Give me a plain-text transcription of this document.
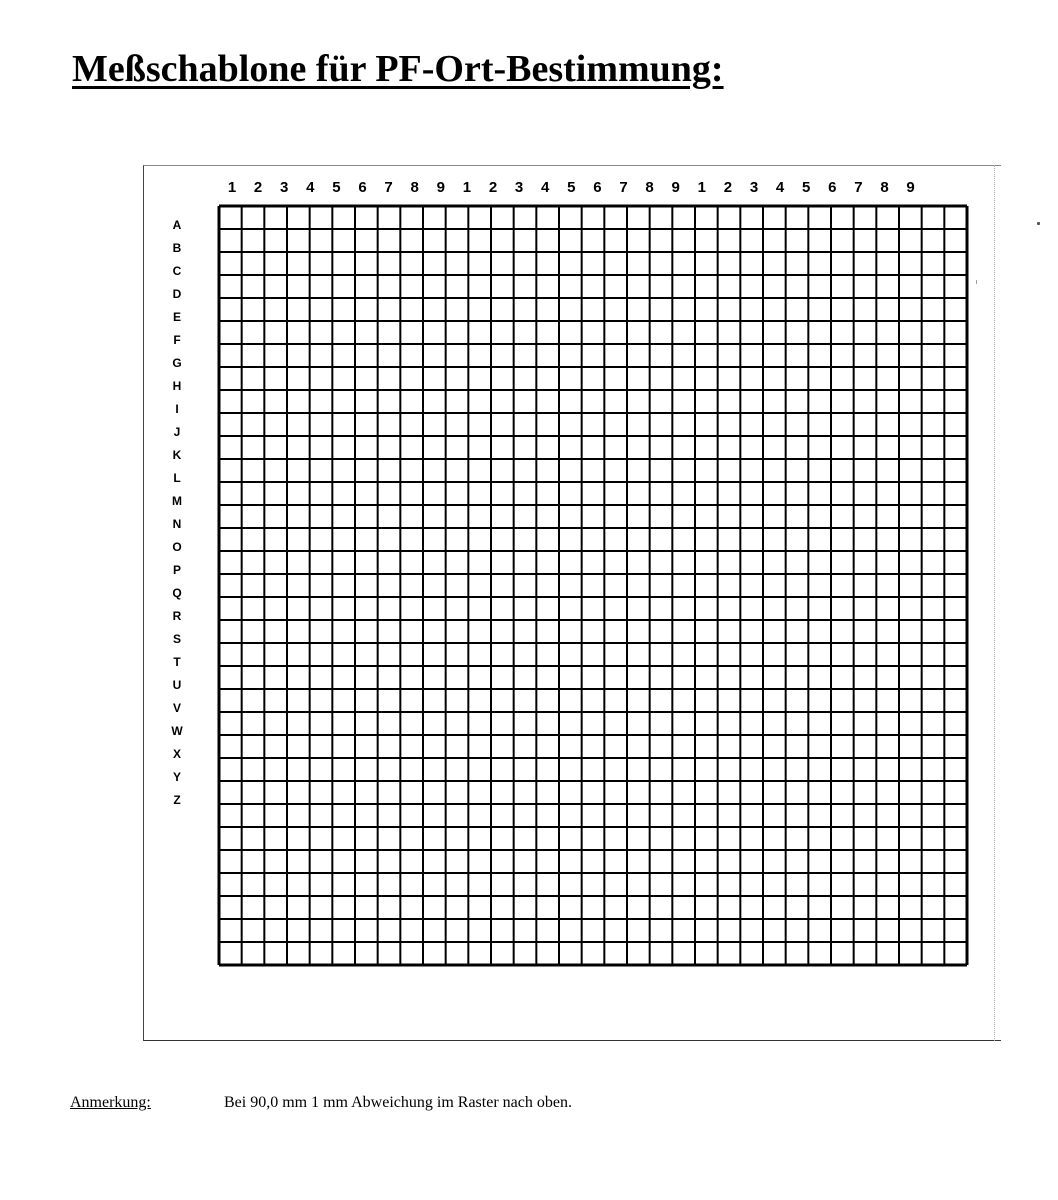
Meßschablone für PF-Ort-Bestimmung:
1 2 3 4 5 6 7 8 9 1 2 3 4 5 6 7 8 9 1 2 3 4 5 6 7 8 9
A
B
C
D
E
F
G
H
I
J
K
L
M
N
O
P
Q
R
S
T
U
V
W
X
Y
Z
Anmerkung:	Bei 90,0 mm 1 mm Abweichung im Raster nach oben.
